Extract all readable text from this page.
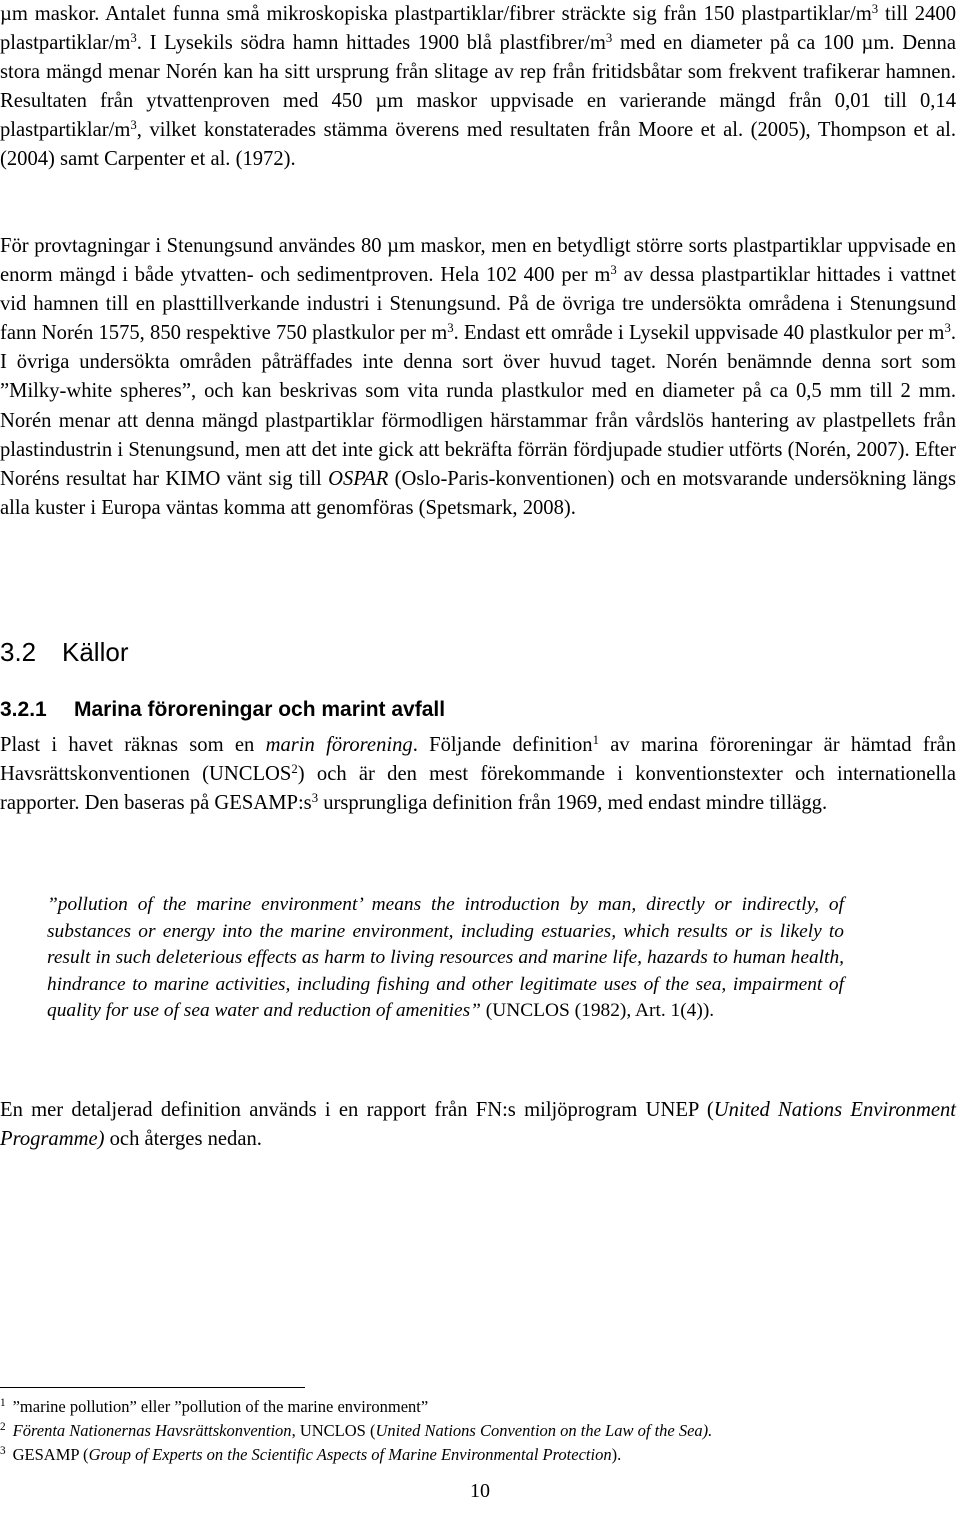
µm maskor. Antalet funna små mikroskopiska plastpartiklar/fibrer sträckte sig från 150 plastpartiklar/$m^3$ till 2400 plastpartiklar/$m^3$. I Lysekils södra hamn hittades 1900 blå plastfibrer/$m^3$ med en diameter på ca 100 µm. Denna stora mängd menar Norén kan ha sitt ursprung från slitage av rep från fritidsbåtar som frekvent trafikerar hamnen. Resultaten från ytvattenproven med 450 µm maskor uppvisade en varierande mängd från 0,01 till 0,14 plastpartiklar/$m^3$, vilket konstaterades stämma överens med resultaten från Moore et al. (2005), Thompson et al. (2004) samt Carpenter et al. (1972).

För provtagningar i Stenungsund användes 80 µm maskor, men en betydligt större sorts plastpartiklar uppvisade en enorm mängd i både ytvatten- och sedimentproven. Hela 102 400 per $m^3$ av dessa plastpartiklar hittades i vattnet vid hamnen till en plasttillverkande industri i Stenungsund. På de övriga tre undersökta områdena i Stenungsund fann Norén 1575, 850 respektive 750 plastkulor per $m^3$. Endast ett område i Lysekil uppvisade 40 plastkulor per $m^3$. I övriga undersökta områden påträffades inte denna sort över huvud taget. Norén benämnde denna sort som ”Milky-white spheres”, och kan beskrivas som vita runda plastkulor med en diameter på ca 0,5 mm till 2 mm. Norén menar att denna mängd plastpartiklar förmodligen härstammar från vårdslös hantering av plastpellets från plastindustrin i Stenungsund, men att det inte gick att bekräfta förrän fördjupade studier utförts (Norén, 2007). Efter Noréns resultat har KIMO vänt sig till OSPAR (Oslo-Paris-konventionen) och en motsvarande undersökning längs alla kuster i Europa väntas komma att genomföras (Spetsmark, 2008).

3.2 Källor
3.2.1 Marina föroreningar och marint avfall

Plast i havet räknas som en marin förorening. Följande definition$^1$ av marina föroreningar är hämtad från Havsrättskonventionen (UNCLOS$^2$) och är den mest förekommande i konventionstexter och internationella rapporter. Den baseras på $GESAMP:s^3$ ursprungliga definition från 1969, med endast mindre tillägg.

”pollution of the marine environment’ means the introduction by man, directly or indirectly, of substances or energy into the marine environment, including estuaries, which results or is likely to result in such deleterious effects as harm to living resources and marine life, hazards to human health, hindrance to marine activities, including fishing and other legitimate uses of the sea, impairment of quality for use of sea water and reduction of amenities” (UNCLOS (1982), Art. 1(4)).

En mer detaljerad definition används i en rapport från FN:s miljöprogram UNEP (United Nations Environment Programme) och återges nedan.

$^1$ ”marine pollution” eller ”pollution of the marine environment”

$^2$ Förenta Nationernas Havsrättskonvention, UNCLOS (United Nations Convention on the Law of the Sea).

$^3$ GESAMP (Group of Experts on the Scientific Aspects of Marine Environmental Protection).

10
